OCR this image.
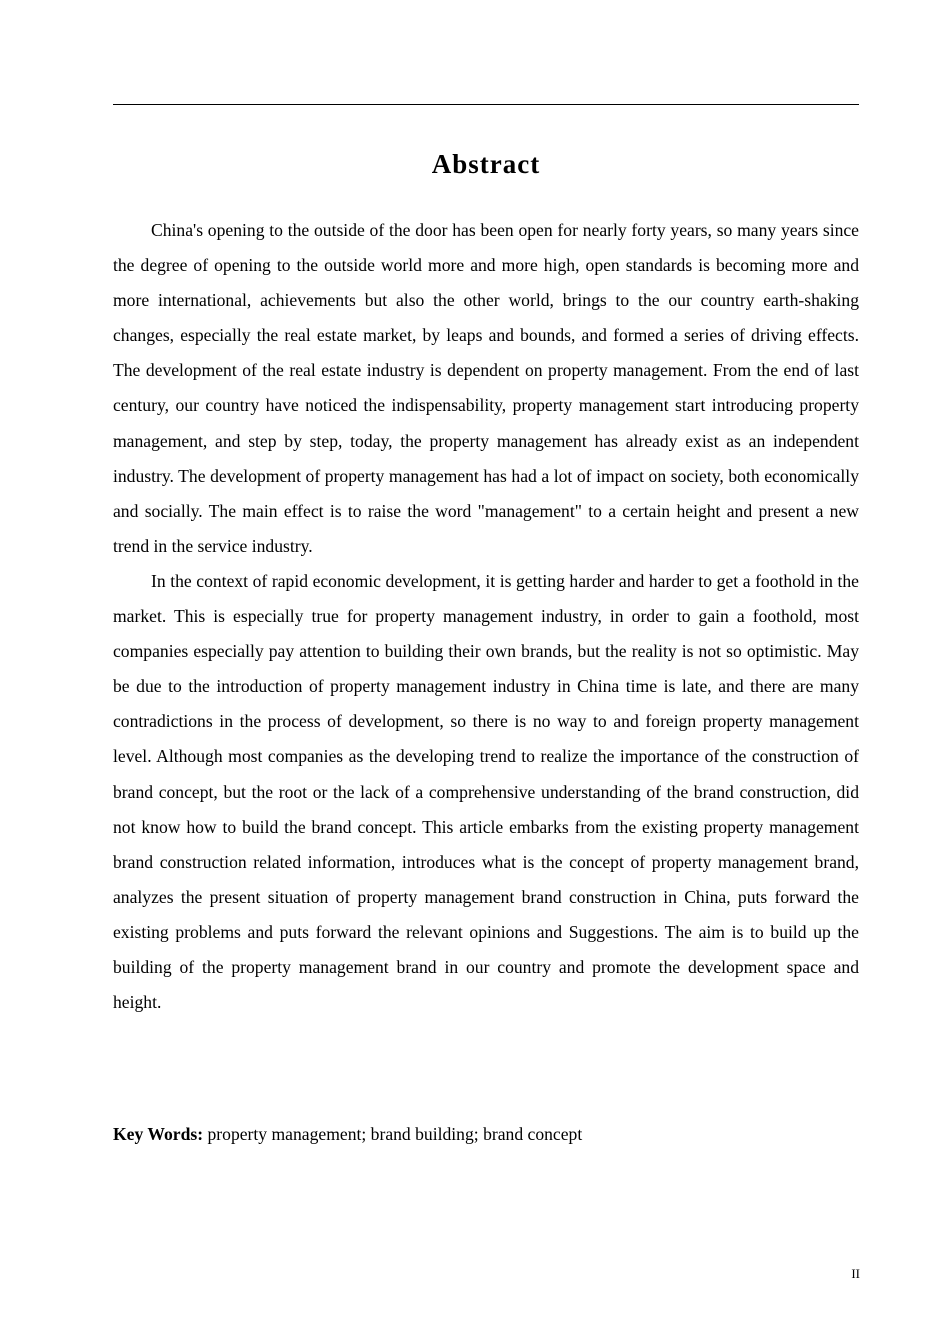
Abstract

China's opening to the outside of the door has been open for nearly forty years, so many years since the degree of opening to the outside world more and more high, open standards is becoming more and more international, achievements but also the other world, brings to the our country earth-shaking changes, especially the real estate market, by leaps and bounds, and formed a series of driving effects. The development of the real estate industry is dependent on property management. From the end of last century, our country have noticed the indispensability, property management start introducing property management, and step by step, today, the property management has already exist as an independent industry. The development of property management has had a lot of impact on society, both economically and socially. The main effect is to raise the word "management" to a certain height and present a new trend in the service industry.

In the context of rapid economic development, it is getting harder and harder to get a foothold in the market. This is especially true for property management industry, in order to gain a foothold, most companies especially pay attention to building their own brands, but the reality is not so optimistic. May be due to the introduction of property management industry in China time is late, and there are many contradictions in the process of development, so there is no way to and foreign property management level. Although most companies as the developing trend to realize the importance of the construction of brand concept, but the root or the lack of a comprehensive understanding of the brand construction, did not know how to build the brand concept. This article embarks from the existing property management brand construction related information, introduces what is the concept of property management brand, analyzes the present situation of property management brand construction in China, puts forward the existing problems and puts forward the relevant opinions and Suggestions. The aim is to build up the building of the property management brand in our country and promote the development space and height.

Key Words: property management; brand building; brand concept

II
